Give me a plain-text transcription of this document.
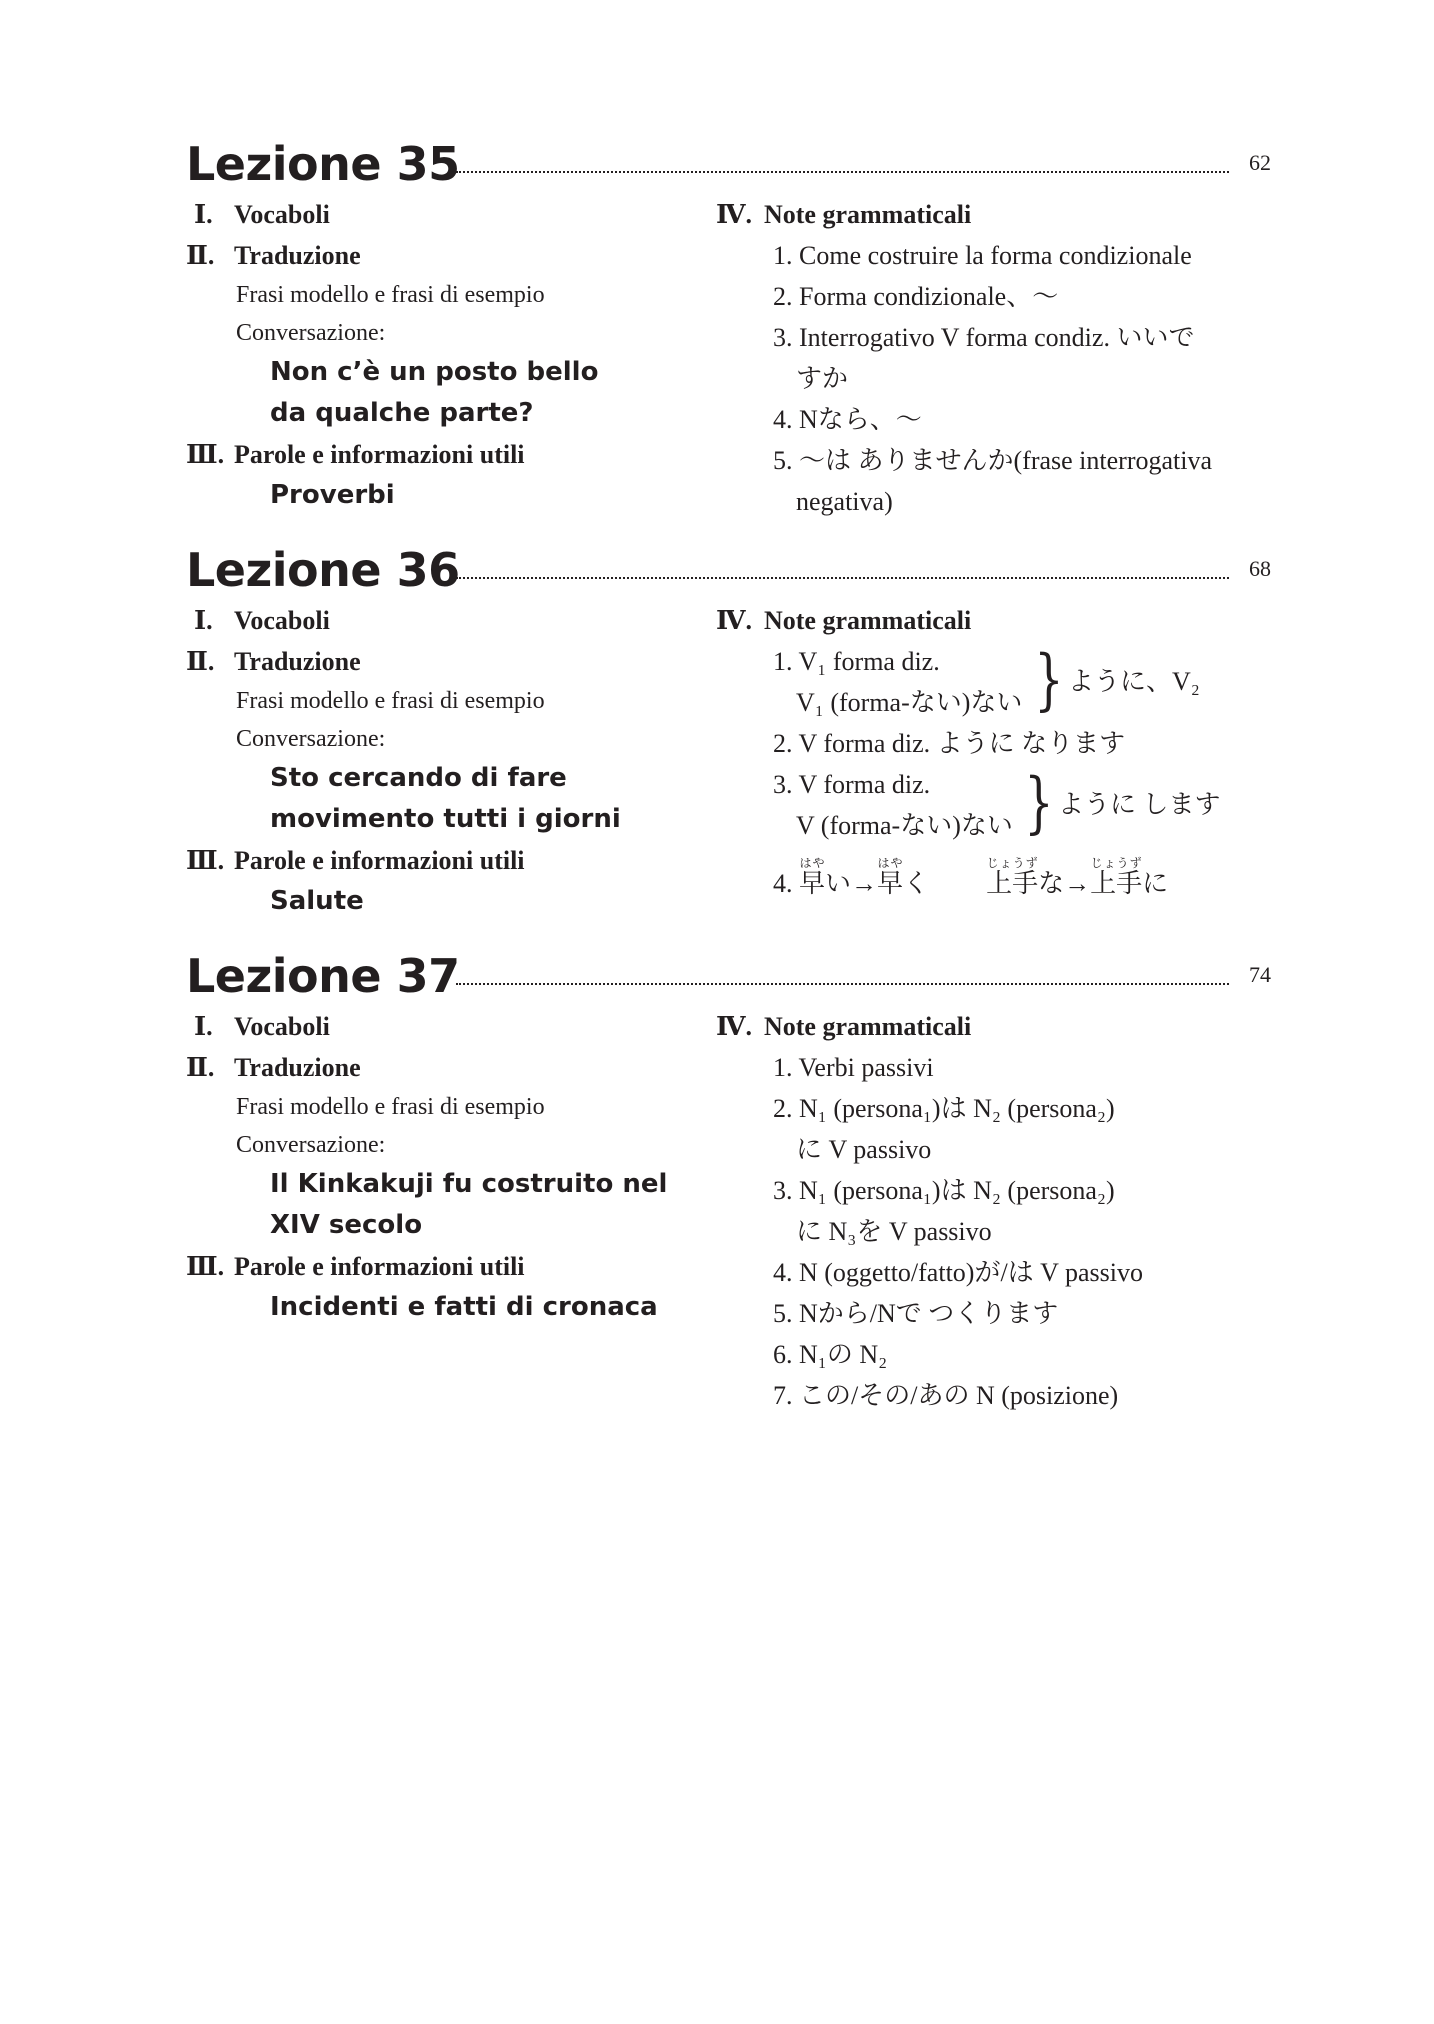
Lezione 35	62
Ⅰ. Vocaboli
Ⅱ. Traduzione
Frasi modello e frasi di esempio
Conversazione:
Non c’è un posto bello
da qualche parte?
Ⅲ. Parole e informazioni utili
Proverbi
Ⅳ. Note grammaticali
1. Come costruire la forma condizionale
2. Forma condizionale、〜
3. Interrogativo V forma condiz. いいで
すか
4. Nなら、〜
5. 〜は ありませんか(frase interrogativa
negativa)
Lezione 36	68
Ⅰ. Vocaboli
Ⅱ. Traduzione
Frasi modello e frasi di esempio
Conversazione:
Sto cercando di fare
movimento tutti i giorni
Ⅲ. Parole e informazioni utili
Salute
Ⅳ. Note grammaticali
1. V₁ forma diz.
V₁ (forma-ない)ない } ように、V₂
2. V forma diz. ように なります
3. V forma diz.
V (forma-ない)ない } ように します
4. 早はやい→早はやく 上手じょうずな→上手じょうずに
Lezione 37	74
Ⅰ. Vocaboli
Ⅱ. Traduzione
Frasi modello e frasi di esempio
Conversazione:
Il Kinkakuji fu costruito nel
XIV secolo
Ⅲ. Parole e informazioni utili
Incidenti e fatti di cronaca
Ⅳ. Note grammaticali
1. Verbi passivi
2. N₁ (persona₁)は N₂ (persona₂)
に V passivo
3. N₁ (persona₁)は N₂ (persona₂)
に N₃を V passivo
4. N (oggetto/fatto)が/は V passivo
5. Nから/Nで つくります
6. N₁の N₂
7. この/その/あの N (posizione)
